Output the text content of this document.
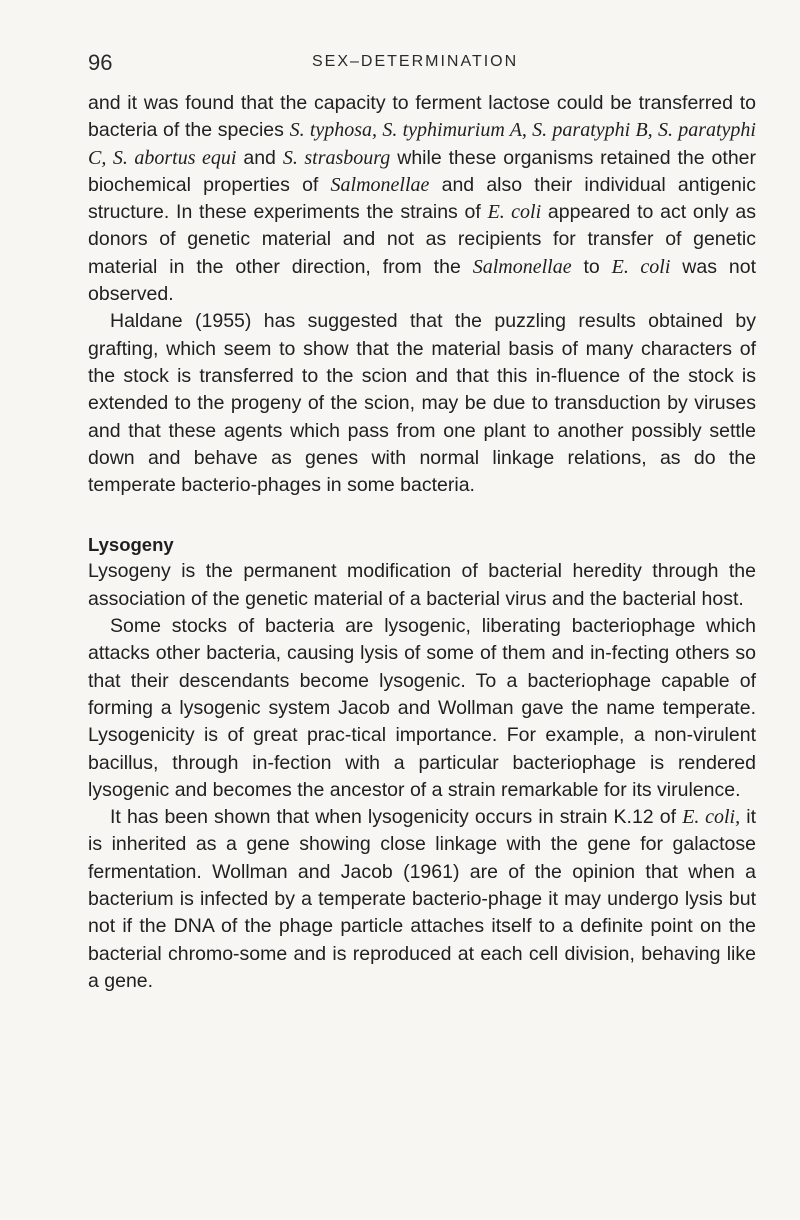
96	SEX–DETERMINATION

and it was found that the capacity to ferment lactose could be transferred to bacteria of the species S. typhosa, S. typhimurium A, S. paratyphi B, S. paratyphi C, S. abortus equi and S. strasbourg while these organisms retained the other biochemical properties of Salmonellae and also their individual antigenic structure. In these experiments the strains of E. coli appeared to act only as donors of genetic material and not as recipients for transfer of genetic material in the other direction, from the Salmonellae to E. coli was not observed.

Haldane (1955) has suggested that the puzzling results obtained by grafting, which seem to show that the material basis of many characters of the stock is transferred to the scion and that this in-fluence of the stock is extended to the progeny of the scion, may be due to transduction by viruses and that these agents which pass from one plant to another possibly settle down and behave as genes with normal linkage relations, as do the temperate bacterio-phages in some bacteria.

Lysogeny

Lysogeny is the permanent modification of bacterial heredity through the association of the genetic material of a bacterial virus and the bacterial host.

Some stocks of bacteria are lysogenic, liberating bacteriophage which attacks other bacteria, causing lysis of some of them and in-fecting others so that their descendants become lysogenic. To a bacteriophage capable of forming a lysogenic system Jacob and Wollman gave the name temperate. Lysogenicity is of great prac-tical importance. For example, a non-virulent bacillus, through in-fection with a particular bacteriophage is rendered lysogenic and becomes the ancestor of a strain remarkable for its virulence.

It has been shown that when lysogenicity occurs in strain K.12 of E. coli, it is inherited as a gene showing close linkage with the gene for galactose fermentation. Wollman and Jacob (1961) are of the opinion that when a bacterium is infected by a temperate bacterio-phage it may undergo lysis but not if the DNA of the phage particle attaches itself to a definite point on the bacterial chromo-some and is reproduced at each cell division, behaving like a gene.
